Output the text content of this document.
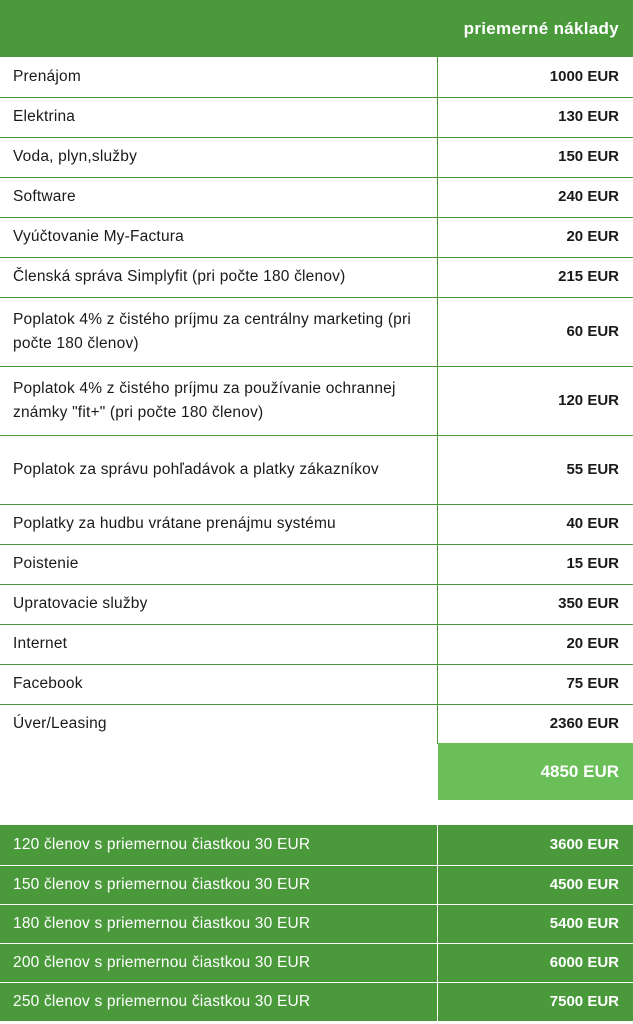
priemerné náklady
Prenájom	1000 EUR
Elektrina	130 EUR
Voda, plyn,služby	150 EUR
Software	240 EUR
Vyúčtovanie My-Factura	20 EUR
Členská správa Simplyfit (pri počte 180 členov)	215 EUR
Poplatok 4% z čistého príjmu za centrálny marketing (pri počte 180 členov)	60 EUR
Poplatok 4% z čistého príjmu za používanie ochrannej známky "fit+" (pri počte 180 členov)	120 EUR
Poplatok za správu pohľadávok a platky zákazníkov	55 EUR
Poplatky za hudbu vrátane prenájmu systému	40 EUR
Poistenie	15 EUR
Upratovacie služby	350 EUR
Internet	20 EUR
Facebook	75 EUR
Úver/Leasing	2360 EUR
4850 EUR
120 členov s priemernou čiastkou 30 EUR	3600 EUR
150 členov s priemernou čiastkou 30 EUR	4500 EUR
180 členov s priemernou čiastkou 30 EUR	5400 EUR
200 členov s priemernou čiastkou 30 EUR	6000 EUR
250 členov s priemernou čiastkou 30 EUR	7500 EUR
